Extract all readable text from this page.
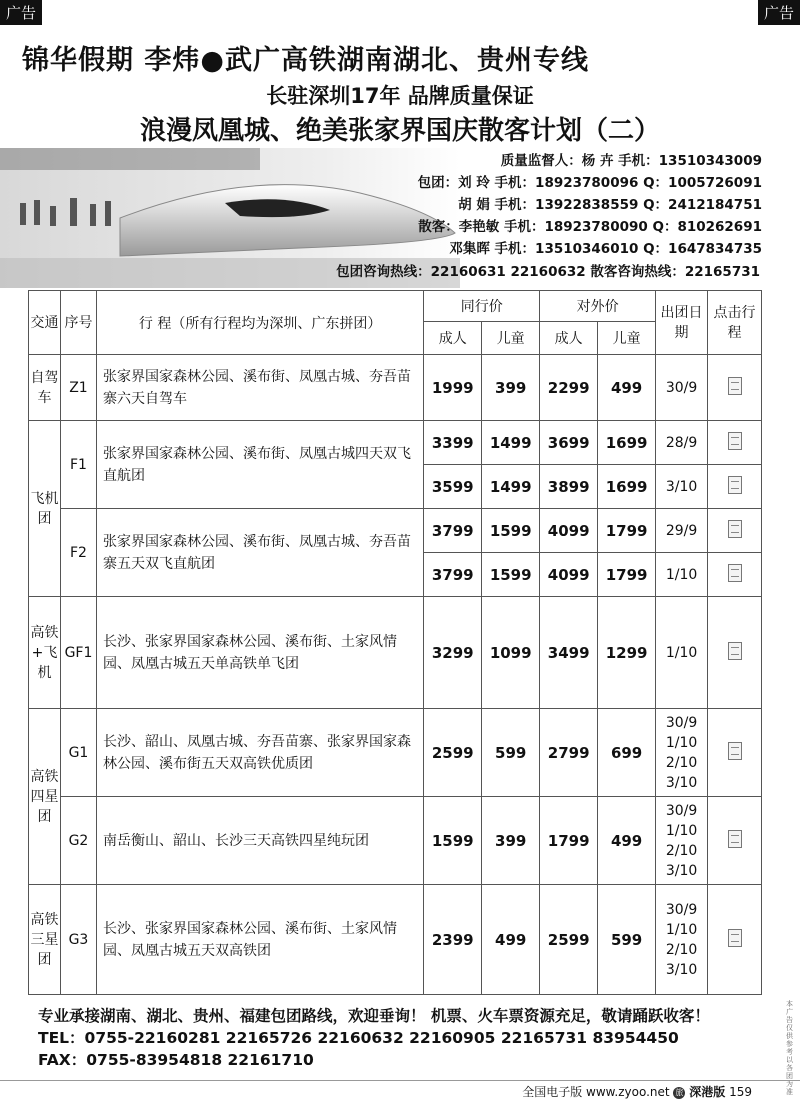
广告	广告
锦华假期 李炜●武广高铁湖南湖北、贵州专线
长驻深圳17年 品牌质量保证
浪漫凤凰城、绝美张家界国庆散客计划（二）
质量监督人：杨 卉 手机：13510343009
包团：刘 玲 手机：18923780096 Q：1005726091
胡 娟 手机：13922838559 Q：2412184751
散客：李艳敏 手机：18923780090 Q：810262691
邓集晖 手机：13510346010 Q：1647834735
包团咨询热线：22160631 22160632 散客咨询热线：22165731
交通	序号	行 程（所有行程均为深圳、广东拼团）	同行价		对外价		出团日期	点击行程
			成人	儿童	成人	儿童		
自驾车	Z1	张家界国家森林公园、溪布街、凤凰古城、夯吾苗寨六天自驾车	1999	399	2299	499	30/9	
飞机团	F1	张家界国家森林公园、溪布街、凤凰古城四天双飞直航团	3399	1499	3699	1699	28/9	
			3599	1499	3899	1699	3/10	
	F2	张家界国家森林公园、溪布街、凤凰古城、夯吾苗寨五天双飞直航团	3799	1599	4099	1799	29/9	
			3799	1599	4099	1799	1/10	
高铁+飞机	GF1	长沙、张家界国家森林公园、溪布街、土家风情园、凤凰古城五天单高铁单飞团	3299	1099	3499	1299	1/10	
高铁四星团	G1	长沙、韶山、凤凰古城、夯吾苗寨、张家界国家森林公园、溪布街五天双高铁优质团	2599	599	2799	699	30/9 1/10 2/10 3/10	
	G2	南岳衡山、韶山、长沙三天高铁四星纯玩团	1599	399	1799	499	30/9 1/10 2/10 3/10	
高铁三星团	G3	长沙、张家界国家森林公园、溪布街、土家风情园、凤凰古城五天双高铁团	2399	499	2599	599	30/9 1/10 2/10 3/10	
专业承接湖南、湖北、贵州、福建包团路线，欢迎垂询！ 机票、火车票资源充足，敬请踊跃收客！
TEL：0755-22160281 22165726 22160632 22160905 22165731 83954450
FAX：0755-83954818 22161710
本广告仅供参考以各团为准
全国电子版 www.zyoo.net 旅 深港版 159
